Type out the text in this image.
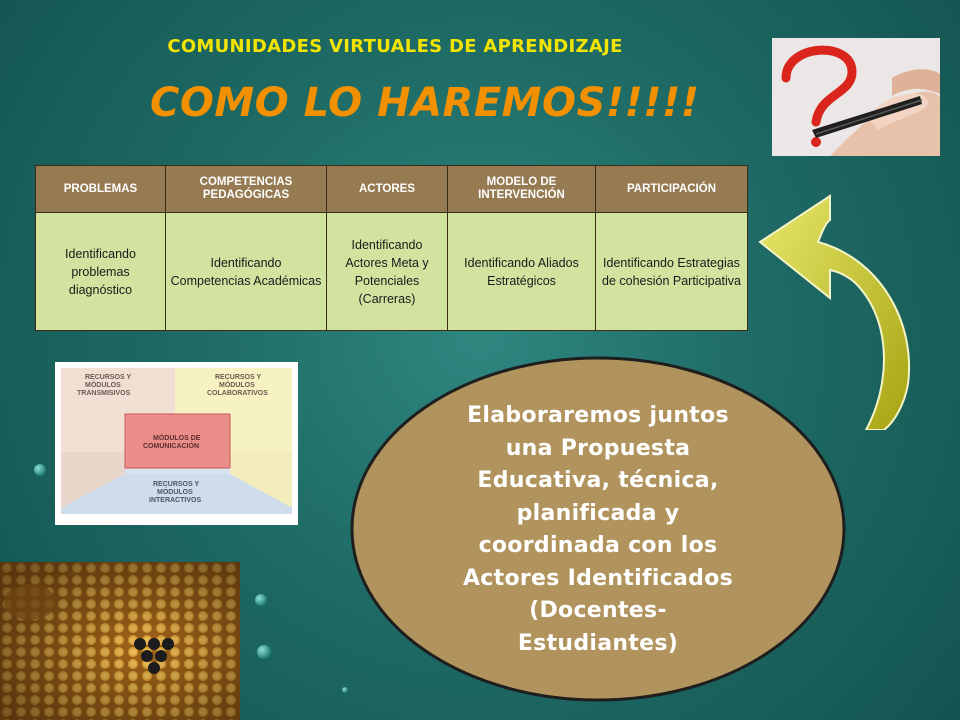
COMUNIDADES VIRTUALES DE APRENDIZAJE
COMO LO HAREMOS!!!!!
PROBLEMAS	COMPETENCIAS PEDAGÓGICAS	ACTORES	MODELO DE INTERVENCIÓN	PARTICIPACIÓN
Identificando problemas diagnóstico	Identificando Competencias Académicas	Identificando Actores Meta y Potenciales (Carreras)	Identificando Aliados Estratégicos	Identificando Estrategias de cohesión Participativa
RECURSOS Y MÓDULOS TRANSMISIVOS
RECURSOS Y MÓDULOS COLABORATIVOS
MÓDULOS DE COMUNICACIÓN
RECURSOS Y MÓDULOS INTERACTIVOS
Elaboraremos juntos
una Propuesta
Educativa, técnica,
planificada y
coordinada con los
Actores Identificados
(Docentes-
Estudiantes)
